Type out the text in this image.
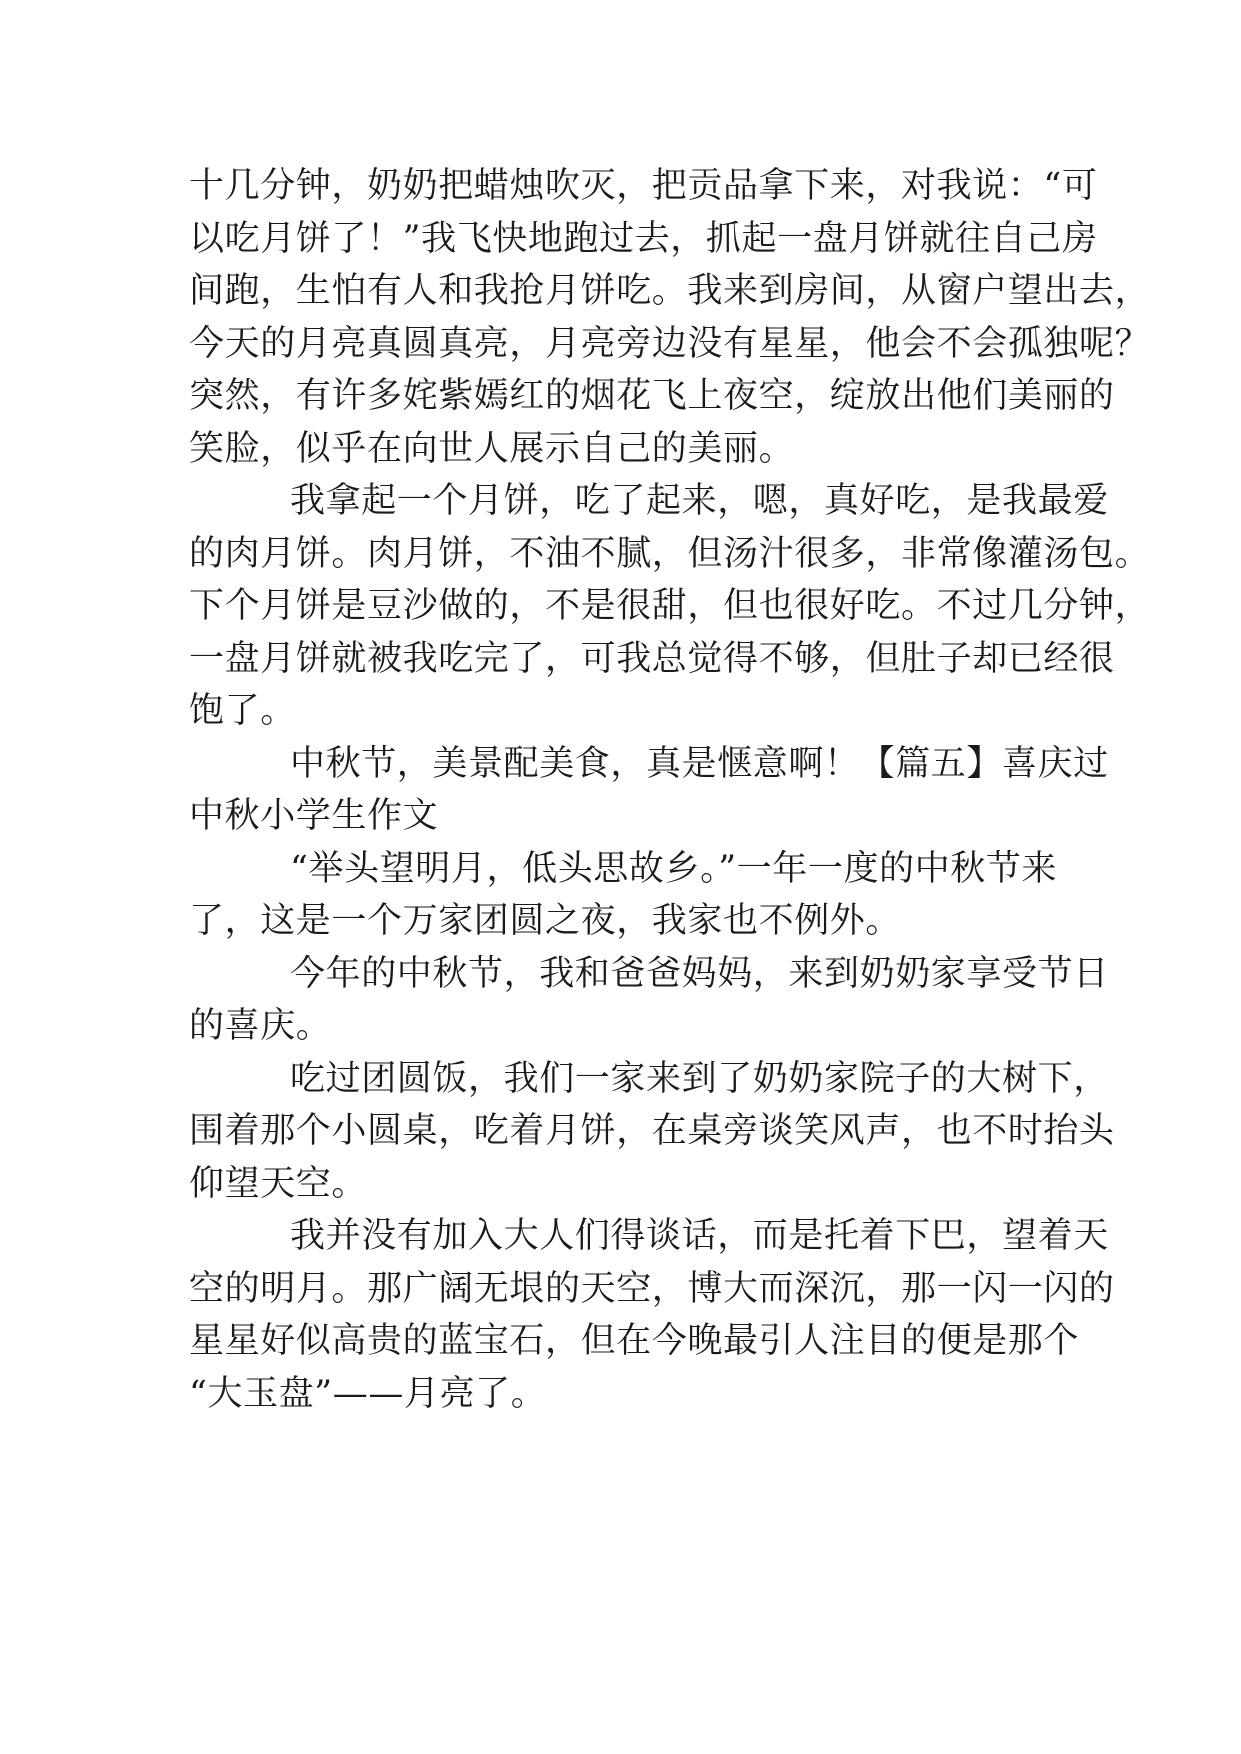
十几分钟，奶奶把蜡烛吹灭，把贡品拿下来，对我说：“可
以吃月饼了！”我飞快地跑过去，抓起一盘月饼就往自己房
间跑，生怕有人和我抢月饼吃。我来到房间，从窗户望出去，
今天的月亮真圆真亮，月亮旁边没有星星，他会不会孤独呢？
突然，有许多姹紫嫣红的烟花飞上夜空，绽放出他们美丽的
笑脸，似乎在向世人展示自己的美丽。
我拿起一个月饼，吃了起来，嗯，真好吃，是我最爱
的肉月饼。肉月饼，不油不腻，但汤汁很多，非常像灌汤包。
下个月饼是豆沙做的，不是很甜，但也很好吃。不过几分钟，
一盘月饼就被我吃完了，可我总觉得不够，但肚子却已经很
饱了。
中秋节，美景配美食，真是惬意啊！【篇五】喜庆过
中秋小学生作文
“举头望明月，低头思故乡。”一年一度的中秋节来
了，这是一个万家团圆之夜，我家也不例外。
今年的中秋节，我和爸爸妈妈，来到奶奶家享受节日
的喜庆。
吃过团圆饭，我们一家来到了奶奶家院子的大树下，
围着那个小圆桌，吃着月饼，在桌旁谈笑风声，也不时抬头
仰望天空。
我并没有加入大人们得谈话，而是托着下巴，望着天
空的明月。那广阔无垠的天空，博大而深沉，那一闪一闪的
星星好似高贵的蓝宝石，但在今晚最引人注目的便是那个
“大玉盘”——月亮了。
